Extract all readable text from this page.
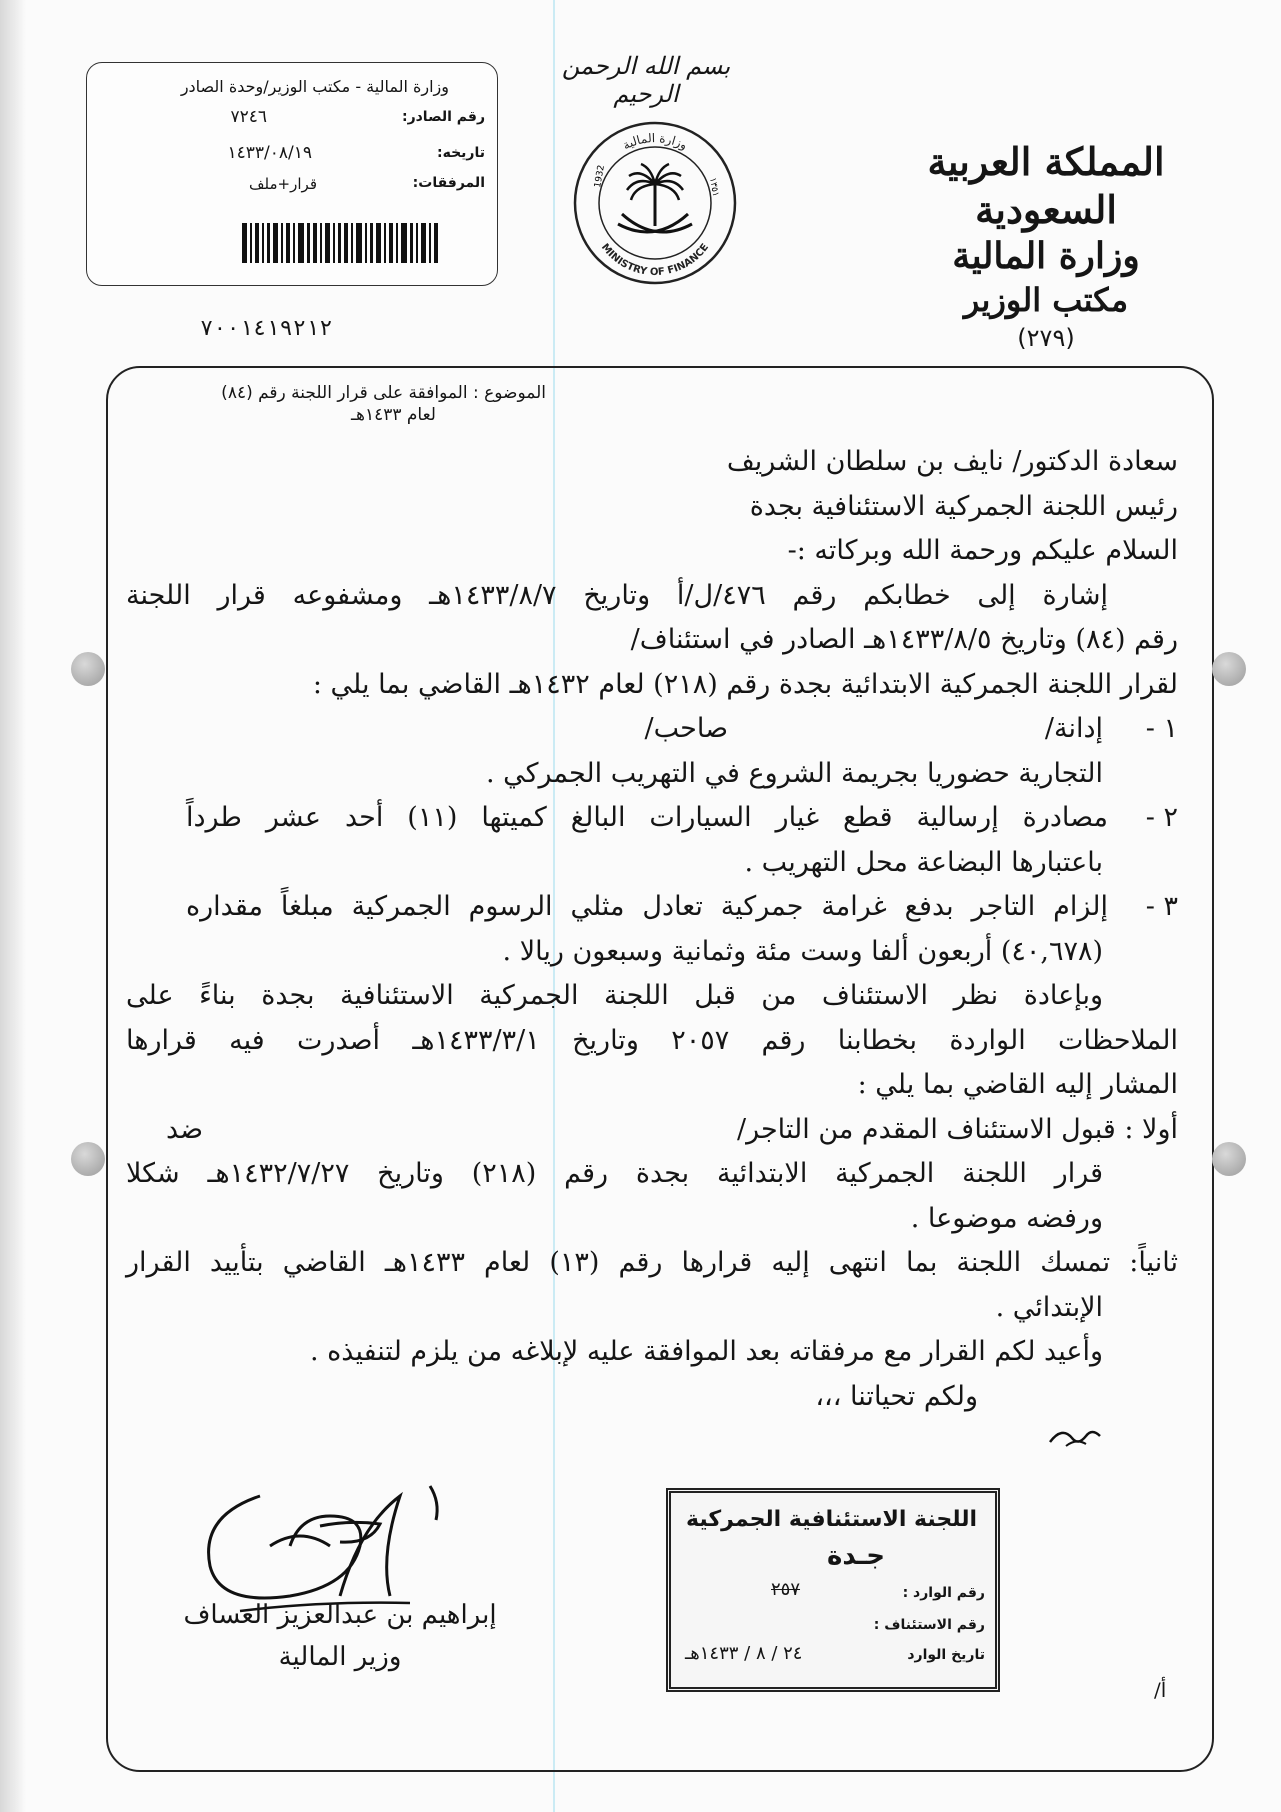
وزارة المالية - مكتب الوزير/وحدة الصادر
رقم الصادر:
٧٢٤٦
تاريخه:
١٤٣٣/٠٨/١٩
المرفقات:
قرار+ملف
٧٠٠١٤١٩٢١٢
بسم الله الرحمن الرحيم
وزارة المالية
MINISTRY OF FINANCE
1932	١٣٥١
المملكة العربية السعودية
وزارة المالية
مكتب الوزير
(٢٧٩)
الموضوع : الموافقة على قرار اللجنة رقم (٨٤)
لعام ١٤٣٣هـ
سعادة الدكتور/ نايف بن سلطان الشريف
رئيس اللجنة الجمركية الاستئنافية بجدة
السلام عليكم ورحمة الله وبركاته :-
إشارة إلى خطابكم رقم ٤٧٦/ل/أ وتاريخ ١٤٣٣/٨/٧هـ ومشفوعه قرار اللجنة
رقم (٨٤) وتاريخ ١٤٣٣/٨/٥هـ الصادر في استئناف/
لقرار اللجنة الجمركية الابتدائية بجدة رقم (٢١٨) لعام ١٤٣٢هـ القاضي بما يلي :
١ -
إدانة/
صاحب/
التجارية حضوريا بجريمة الشروع في التهريب الجمركي .
٢ -
مصادرة إرسالية قطع غيار السيارات البالغ كميتها (١١) أحد عشر طرداً
باعتبارها البضاعة محل التهريب .
٣ -
إلزام التاجر بدفع غرامة جمركية تعادل مثلي الرسوم الجمركية مبلغاً مقداره
(٤٠,٦٧٨) أربعون ألفا وست مئة وثمانية وسبعون ريالا .
وبإعادة نظر الاستئناف من قبل اللجنة الجمركية الاستئنافية بجدة بناءً على
الملاحظات الواردة بخطابنا رقم ٢٠٥٧ وتاريخ ١٤٣٣/٣/١هـ أصدرت فيه قرارها
المشار إليه القاضي بما يلي :
أولا : قبول الاستئناف المقدم من التاجر/
ضد
قرار اللجنة الجمركية الابتدائية بجدة رقم (٢١٨) وتاريخ ١٤٣٢/٧/٢٧هـ شكلا
ورفضه موضوعا .
ثانياً: تمسك اللجنة بما انتهى إليه قرارها رقم (١٣) لعام ١٤٣٣هـ القاضي بتأييد القرار
الإبتدائي .
وأعيد لكم القرار مع مرفقاته بعد الموافقة عليه لإبلاغه من يلزم لتنفيذه .
ولكم تحياتنا ،،،
إبراهيم بن عبدالعزيز العساف
وزير المالية
اللجنة الاستئنافية الجمركية
جـدة
رقم الوارد :
٢٥٧
رقم الاستئناف :
تاريخ الوارد
٢٤ / ٨ / ١٤٣٣هـ
أ/
